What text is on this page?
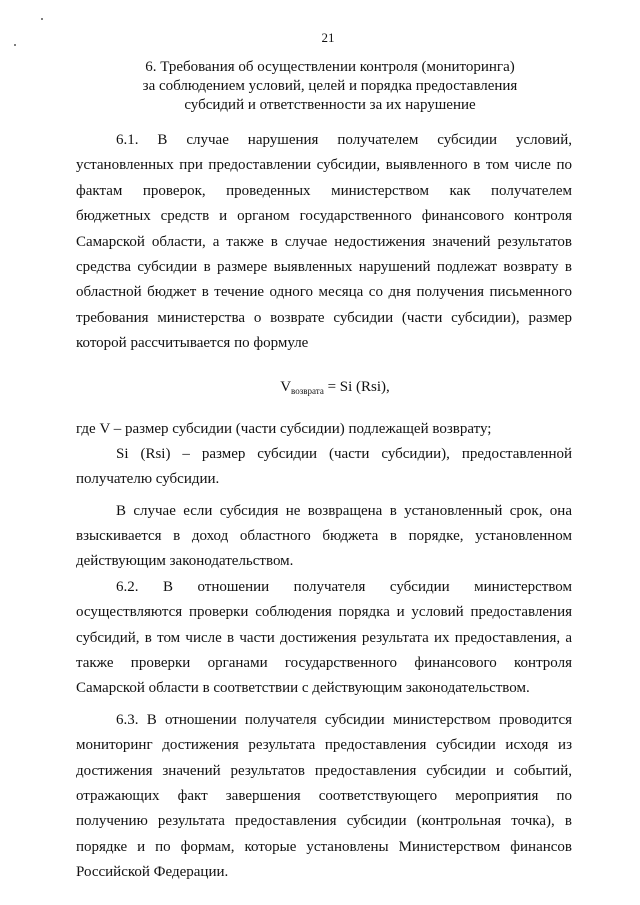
21
6. Требования об осуществлении контроля (мониторинга)
за соблюдением условий, целей и порядка предоставления
субсидий и ответственности за их нарушение
6.1. В случае нарушения получателем субсидии условий,
установленных при предоставлении субсидии, выявленного в том числе по
фактам проверок, проведенных министерством как получателем
бюджетных средств и органом государственного финансового контроля
Самарской области, а также в случае недостижения значений результатов
средства субсидии в размере выявленных нарушений подлежат возврату в
областной бюджет в течение одного месяца со дня получения письменного
требования министерства о возврате субсидии (части субсидии), размер
которой рассчитывается по формуле
$V_{возврата} = Si$ (Rsi),
где V – размер субсидии (части субсидии) подлежащей возврату;
Si (Rsi) – размер субсидии (части субсидии), предоставленной
получателю субсидии.
В случае если субсидия не возвращена в установленный срок, она
взыскивается в доход областного бюджета в порядке, установленном
действующим законодательством.
6.2. В отношении получателя субсидии министерством
осуществляются проверки соблюдения порядка и условий предоставления
субсидий, в том числе в части достижения результата их предоставления, а
также проверки органами государственного финансового контроля
Самарской области в соответствии с действующим законодательством.
6.3. В отношении получателя субсидии министерством проводится
мониторинг достижения результата предоставления субсидии исходя из
достижения значений результатов предоставления субсидии и событий,
отражающих факт завершения соответствующего мероприятия по
получению результата предоставления субсидии (контрольная точка), в
порядке и по формам, которые установлены Министерством финансов
Российской Федерации.
